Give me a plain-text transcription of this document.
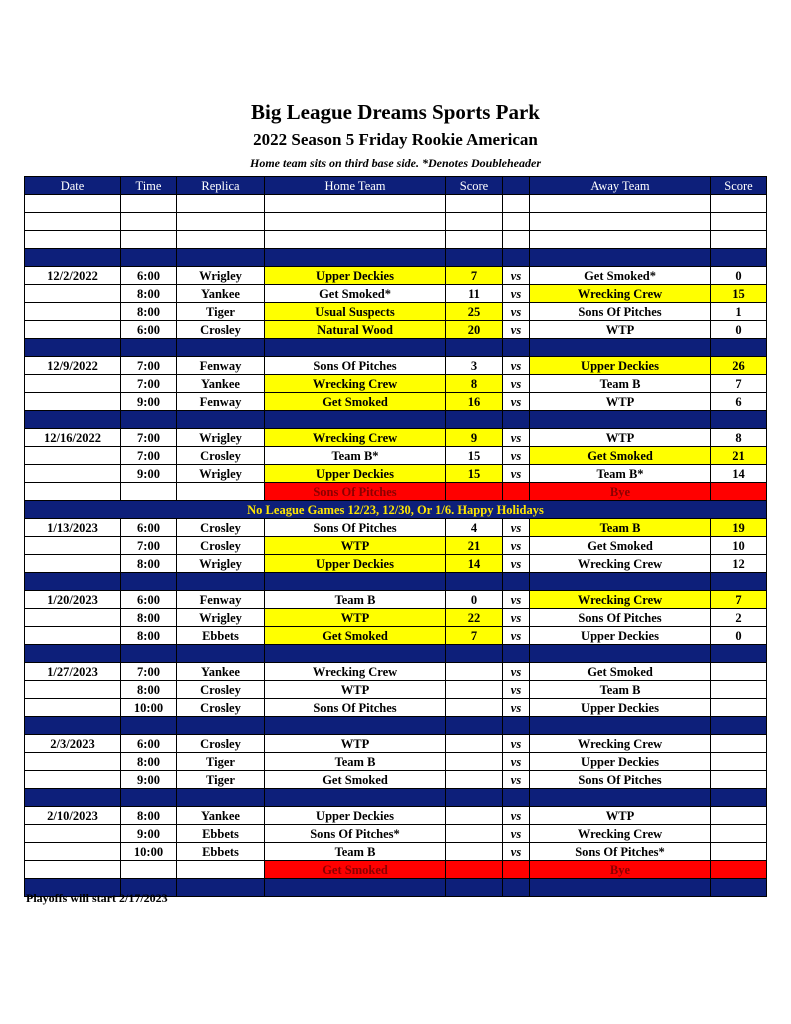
Big League Dreams Sports Park
2022 Season 5 Friday Rookie American
Home team sits on third base side. *Denotes Doubleheader
Date	Time	Replica	Home Team	Score		Away Team	Score

12/2/2022	6:00	Wrigley	Upper Deckies	7	vs	Get Smoked*	0
	8:00	Yankee	Get Smoked*	11	vs	Wrecking Crew	15
	8:00	Tiger	Usual Suspects	25	vs	Sons Of Pitches	1
	6:00	Crosley	Natural Wood	20	vs	WTP	0

12/9/2022	7:00	Fenway	Sons Of Pitches	3	vs	Upper Deckies	26
	7:00	Yankee	Wrecking Crew	8	vs	Team B	7
	9:00	Fenway	Get Smoked	16	vs	WTP	6

12/16/2022	7:00	Wrigley	Wrecking Crew	9	vs	WTP	8
	7:00	Crosley	Team B*	15	vs	Get Smoked	21
	9:00	Wrigley	Upper Deckies	15	vs	Team B*	14
			Sons Of Pitches			Bye	
No League Games 12/23, 12/30, Or 1/6. Happy Holidays							
1/13/2023	6:00	Crosley	Sons Of Pitches	4	vs	Team B	19
	7:00	Crosley	WTP	21	vs	Get Smoked	10
	8:00	Wrigley	Upper Deckies	14	vs	Wrecking Crew	12

1/20/2023	6:00	Fenway	Team B	0	vs	Wrecking Crew	7
	8:00	Wrigley	WTP	22	vs	Sons Of Pitches	2
	8:00	Ebbets	Get Smoked	7	vs	Upper Deckies	0

1/27/2023	7:00	Yankee	Wrecking Crew		vs	Get Smoked	
	8:00	Crosley	WTP		vs	Team B	
	10:00	Crosley	Sons Of Pitches		vs	Upper Deckies	

2/3/2023	6:00	Crosley	WTP		vs	Wrecking Crew	
	8:00	Tiger	Team B		vs	Upper Deckies	
	9:00	Tiger	Get Smoked		vs	Sons Of Pitches	

2/10/2023	8:00	Yankee	Upper Deckies		vs	WTP	
	9:00	Ebbets	Sons Of Pitches*		vs	Wrecking Crew	
	10:00	Ebbets	Team B		vs	Sons Of Pitches*	
			Get Smoked			Bye	

Playoffs will start 2/17/2023
